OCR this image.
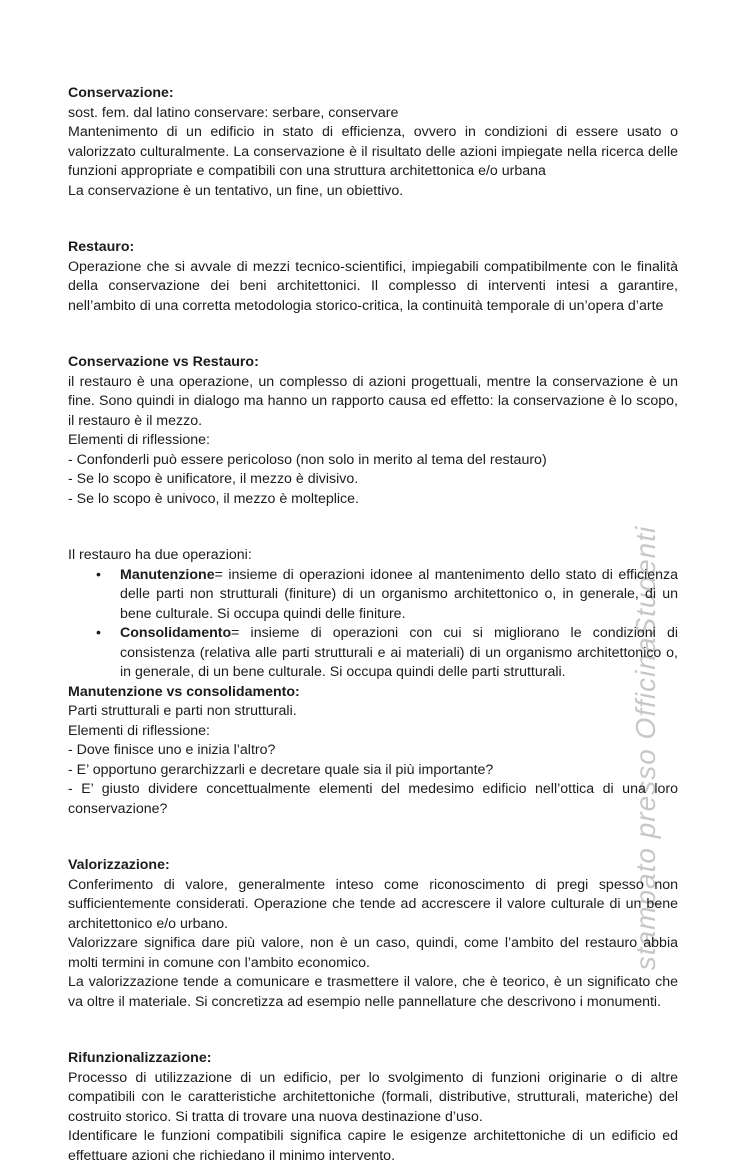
stampato presso OfficinaStudenti

Conservazione:

sost. fem. dal latino conservare: serbare, conservare

Mantenimento di un edificio in stato di efficienza, ovvero in condizioni di essere usato o valorizzato culturalmente. La conservazione è il risultato delle azioni impiegate nella ricerca delle funzioni appropriate e compatibili con una struttura architettonica e/o urbana

La conservazione è un tentativo, un fine, un obiettivo.

Restauro:

Operazione che si avvale di mezzi tecnico-scientifici, impiegabili compatibilmente con le finalità della conservazione dei beni architettonici. Il complesso di interventi intesi a garantire, nell’ambito di una corretta metodologia storico-critica, la continuità temporale di un’opera d’arte

Conservazione vs Restauro:

il restauro è una operazione, un complesso di azioni progettuali, mentre la conservazione è un fine. Sono quindi in dialogo ma hanno un rapporto causa ed effetto: la conservazione è lo scopo, il restauro è il mezzo.

Elementi di riflessione:

- Confonderli può essere pericoloso (non solo in merito al tema del restauro)

- Se lo scopo è unificatore, il mezzo è divisivo.

- Se lo scopo è univoco, il mezzo è molteplice.

Il restauro ha due operazioni:

• Manutenzione= insieme di operazioni idonee al mantenimento dello stato di efficienza delle parti non strutturali (finiture) di un organismo architettonico o, in generale, di un bene culturale. Si occupa quindi delle finiture.
• Consolidamento= insieme di operazioni con cui si migliorano le condizioni di consistenza (relativa alle parti strutturali e ai materiali) di un organismo architettonico o, in generale, di un bene culturale. Si occupa quindi delle parti strutturali.

Manutenzione vs consolidamento:

Parti strutturali e parti non strutturali.

Elementi di riflessione:

- Dove finisce uno e inizia l’altro?

- E’ opportuno gerarchizzarli e decretare quale sia il più importante?

- E’ giusto dividere concettualmente elementi del medesimo edificio nell’ottica di una loro conservazione?

Valorizzazione:

Conferimento di valore, generalmente inteso come riconoscimento di pregi spesso non sufficientemente considerati. Operazione che tende ad accrescere il valore culturale di un bene architettonico e/o urbano.

Valorizzare significa dare più valore, non è un caso, quindi, come l’ambito del restauro abbia molti termini in comune con l’ambito economico.

La valorizzazione tende a comunicare e trasmettere il valore, che è teorico, è un significato che va oltre il materiale. Si concretizza ad esempio nelle pannellature che descrivono i monumenti.

Rifunzionalizzazione:

Processo di utilizzazione di un edificio, per lo svolgimento di funzioni originarie o di altre compatibili con le caratteristiche architettoniche (formali, distributive, strutturali, materiche) del costruito storico. Si tratta di trovare una nuova destinazione d’uso.

Identificare le funzioni compatibili significa capire le esigenze architettoniche di un edificio ed effettuare azioni che richiedano il minimo intervento.
